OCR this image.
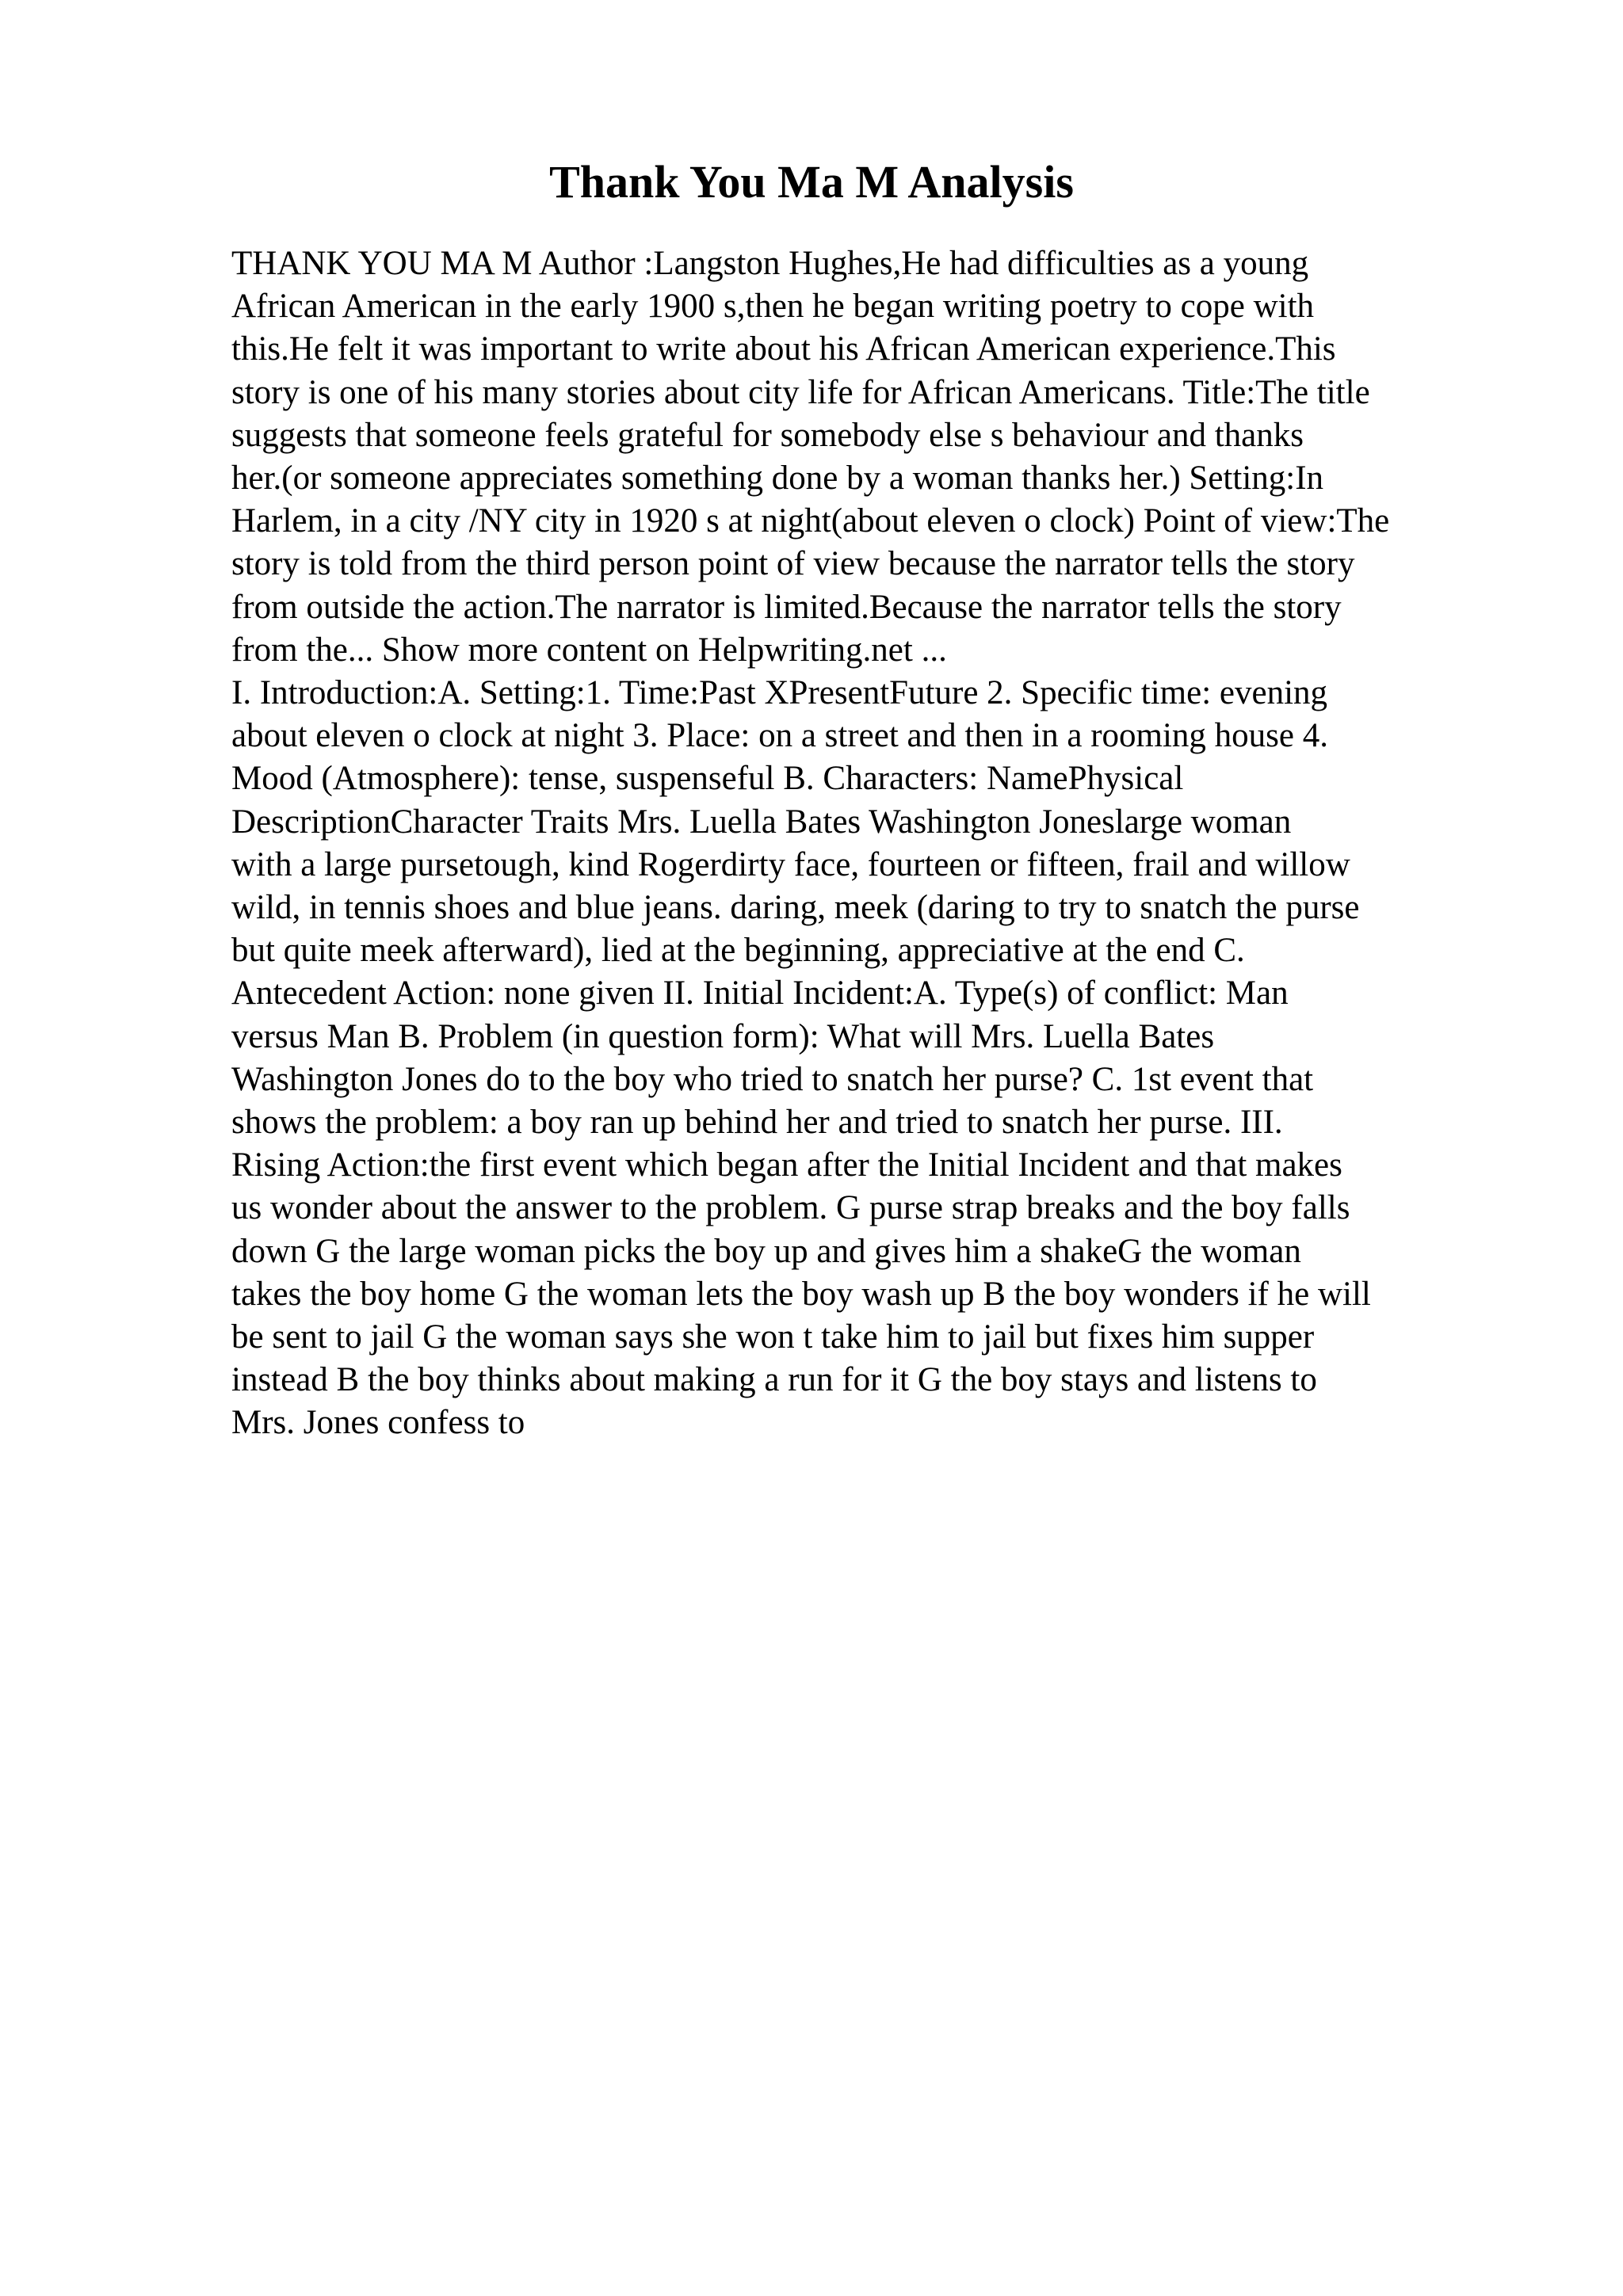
Thank You Ma M Analysis

THANK YOU MA M Author :Langston Hughes,He had difficulties as a young
African American in the early 1900 s,then he began writing poetry to cope with
this.He felt it was important to write about his African American experience.This
story is one of his many stories about city life for African Americans. Title:The title
suggests that someone feels grateful for somebody else s behaviour and thanks
her.(or someone appreciates something done by a woman thanks her.) Setting:In
Harlem, in a city /NY city in 1920 s at night(about eleven o clock) Point of view:The
story is told from the third person point of view because the narrator tells the story
from outside the action.The narrator is limited.Because the narrator tells the story
from the... Show more content on Helpwriting.net ...

I. Introduction:A. Setting:1. Time:Past XPresentFuture 2. Specific time: evening
about eleven o clock at night 3. Place: on a street and then in a rooming house 4.
Mood (Atmosphere): tense, suspenseful B. Characters: NamePhysical
DescriptionCharacter Traits Mrs. Luella Bates Washington Joneslarge woman
with a large pursetough, kind Rogerdirty face, fourteen or fifteen, frail and willow
wild, in tennis shoes and blue jeans. daring, meek (daring to try to snatch the purse
but quite meek afterward), lied at the beginning, appreciative at the end C.
Antecedent Action: none given II. Initial Incident:A. Type(s) of conflict: Man
versus Man B. Problem (in question form): What will Mrs. Luella Bates
Washington Jones do to the boy who tried to snatch her purse? C. 1st event that
shows the problem: a boy ran up behind her and tried to snatch her purse. III.
Rising Action:the first event which began after the Initial Incident and that makes
us wonder about the answer to the problem. G purse strap breaks and the boy falls
down G the large woman picks the boy up and gives him a shakeG the woman
takes the boy home G the woman lets the boy wash up B the boy wonders if he will
be sent to jail G the woman says she won t take him to jail but fixes him supper
instead B the boy thinks about making a run for it G the boy stays and listens to
Mrs. Jones confess to
